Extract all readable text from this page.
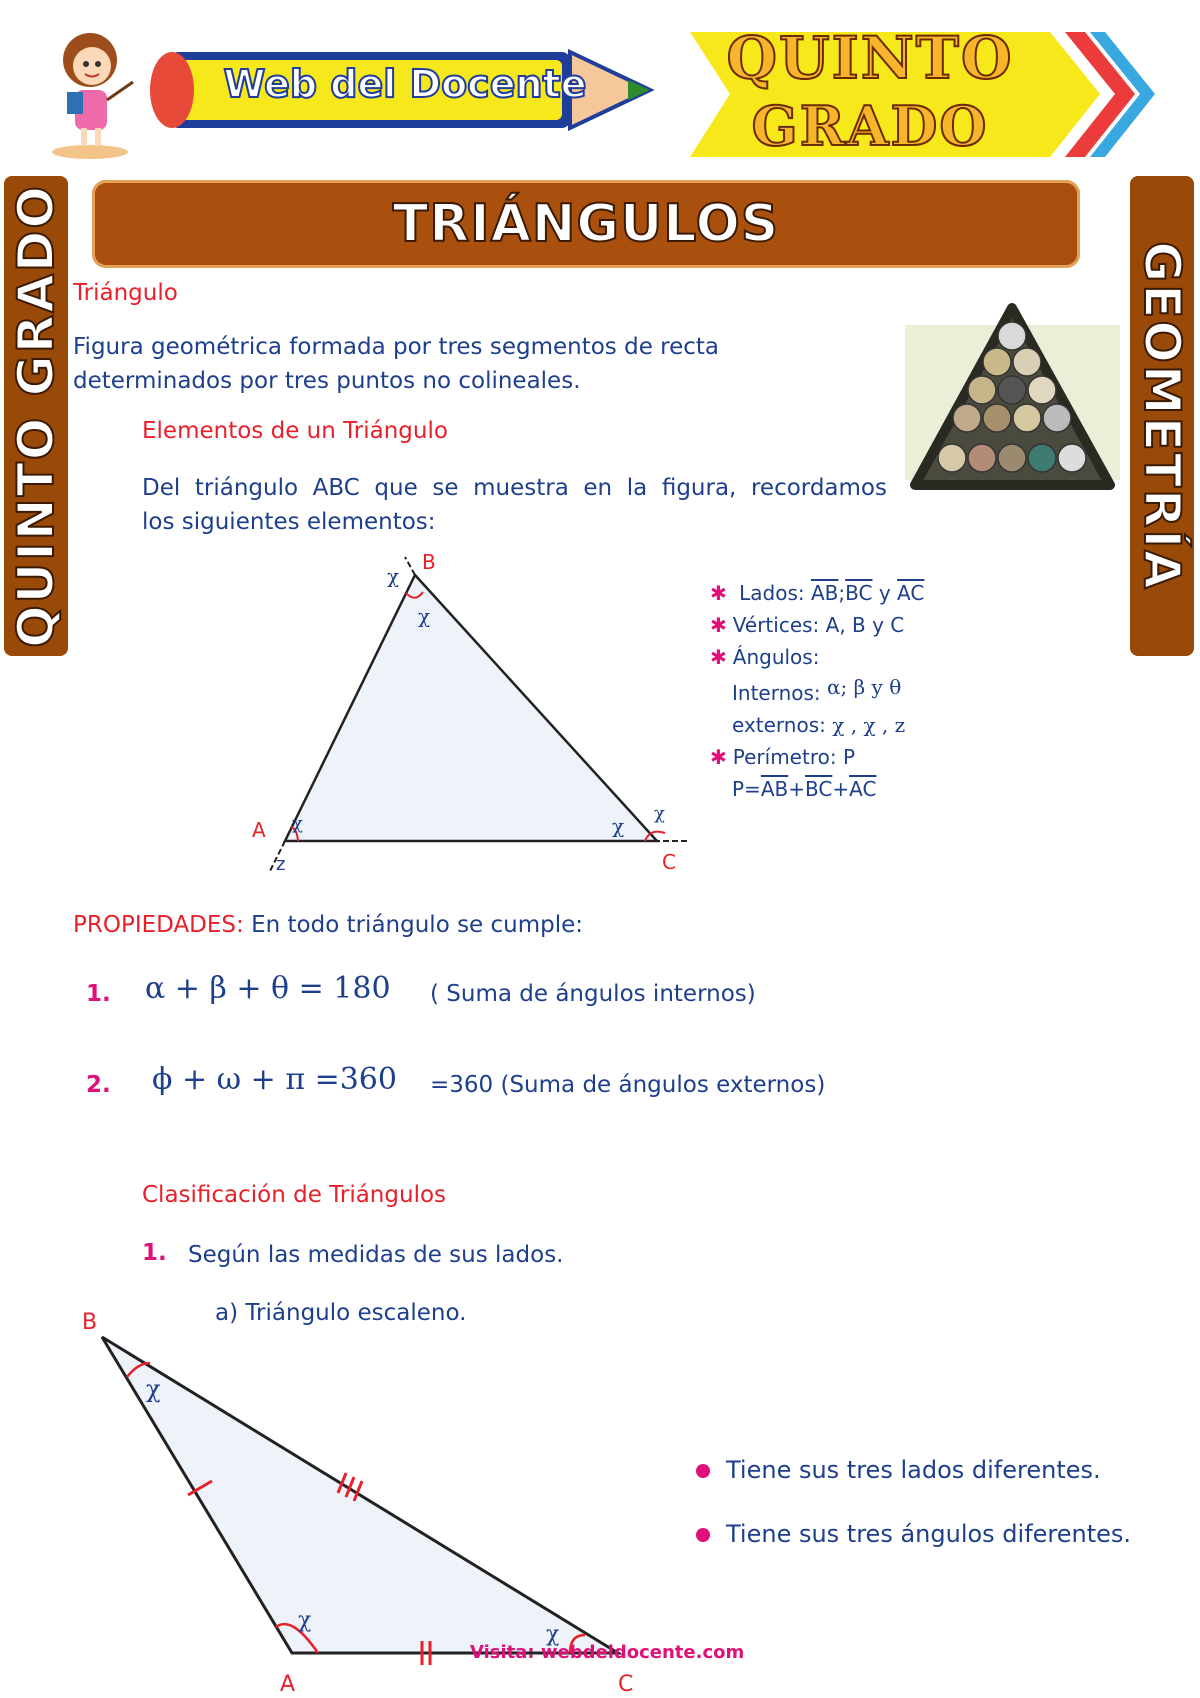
Web del Docente	QUINTO
GRADO
QUINTO GRADO	GEOMETRÍA
TRIÁNGULOS
Triángulo
Figura geométrica formada por tres segmentos de recta
determinados por tres puntos no colineales.
Elementos de un Triángulo
Del triángulo ABC que se muestra en la figura, recordamos
los siguientes elementos:
B
A
C
χ
χ
χ
z
χ
χ
✱ Lados: $\overline{AB};\overline{BC}$ y $\overline{AC}$
✱ Vértices: A, B y C
✱ Ángulos:
Internos: α; β y θ
externos: χ , χ , z
✱ Perímetro: P
$P=\overline{AB}+\overline{BC}+\overline{AC}$
PROPIEDADES: En todo triángulo se cumple:
1. α + β + θ = 180 ( Suma de ángulos internos)
2. ϕ + ω + π =360 =360 (Suma de ángulos externos)
Clasificación de Triángulos
1. Según las medidas de sus lados.
a) Triángulo escaleno.
B
A	C
χ
χ
χ
Tiene sus tres lados diferentes.
Tiene sus tres ángulos diferentes.
Visita: webdeldocente.com
